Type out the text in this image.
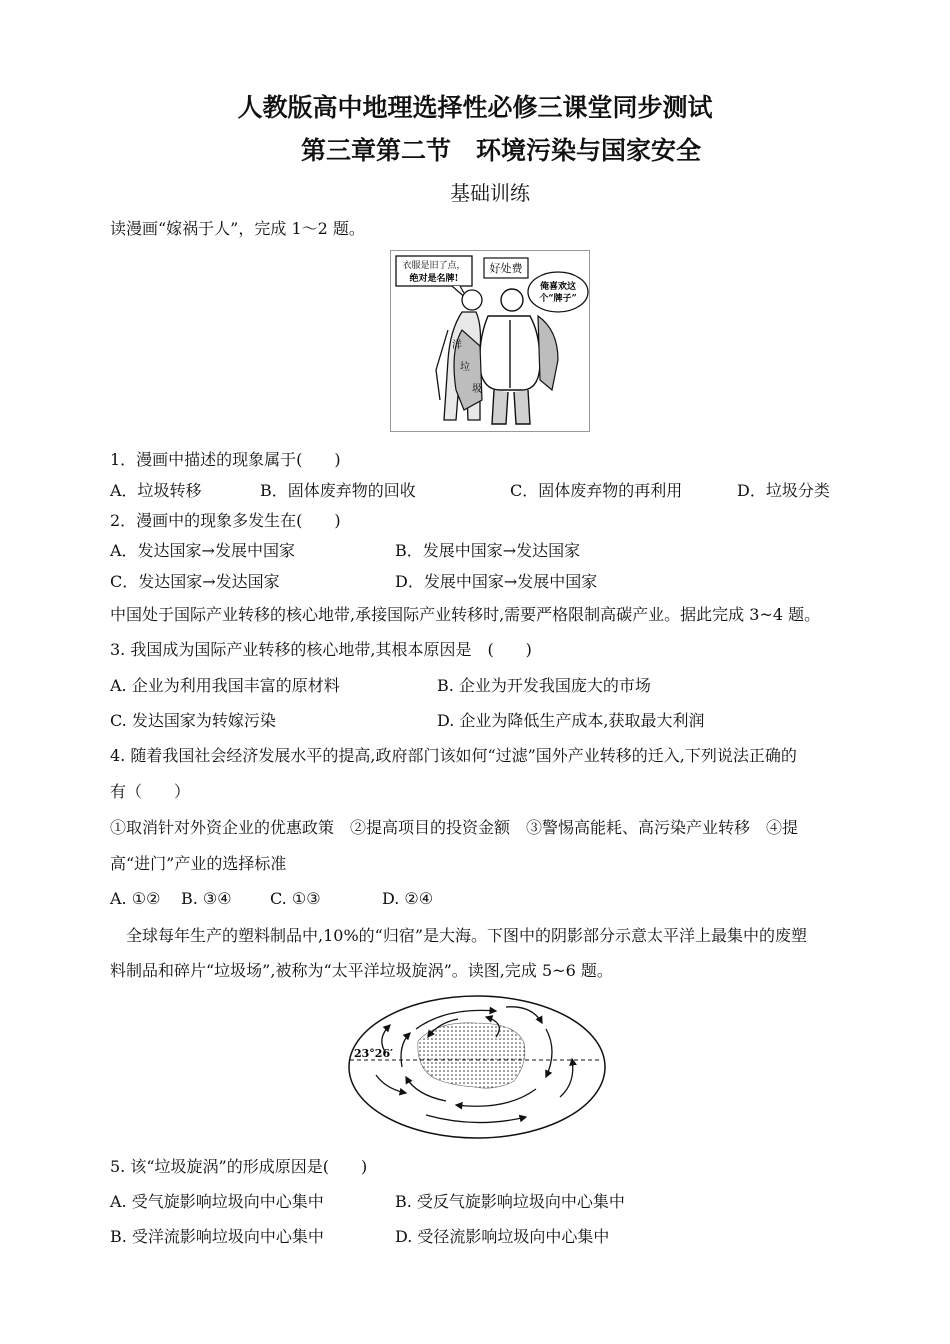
人教版高中地理选择性必修三课堂同步测试
第三章第二节　环境污染与国家安全
基础训练
读漫画“嫁祸于人”，完成 1～2 题。
衣服是旧了点，
绝对是名牌!
好处费
俺喜欢这
个“牌子”
洋
垃
圾
1．漫画中描述的现象属于(　　)
A．垃圾转移	B．固体废弃物的回收	C．固体废弃物的再利用	D．垃圾分类
2．漫画中的现象多发生在(　　)
A．发达国家→发展中国家	B．发展中国家→发达国家
C．发达国家→发达国家	D．发展中国家→发展中国家
中国处于国际产业转移的核心地带,承接国际产业转移时,需要严格限制高碳产业。据此完成 3~4 题。
3. 我国成为国际产业转移的核心地带,其根本原因是　(　　)
A. 企业为利用我国丰富的原材料	B. 企业为开发我国庞大的市场
C. 发达国家为转嫁污染	D. 企业为降低生产成本,获取最大利润
4. 随着我国社会经济发展水平的提高,政府部门该如何“过滤”国外产业转移的迁入,下列说法正确的
有（　　）
①取消针对外资企业的优惠政策　②提高项目的投资金额　③警惕高能耗、高污染产业转移　④提
高“进门”产业的选择标准
A. ①② B. ③④ C. ①③	D. ②④
全球每年生产的塑料制品中,10%的“归宿”是大海。下图中的阴影部分示意太平洋上最集中的废塑
料制品和碎片“垃圾场”,被称为“太平洋垃圾旋涡”。读图,完成 5~6 题。
23°26′
5. 该“垃圾旋涡”的形成原因是(　　)
A. 受气旋影响垃圾向中心集中	B. 受反气旋影响垃圾向中心集中
B. 受洋流影响垃圾向中心集中	D. 受径流影响垃圾向中心集中
